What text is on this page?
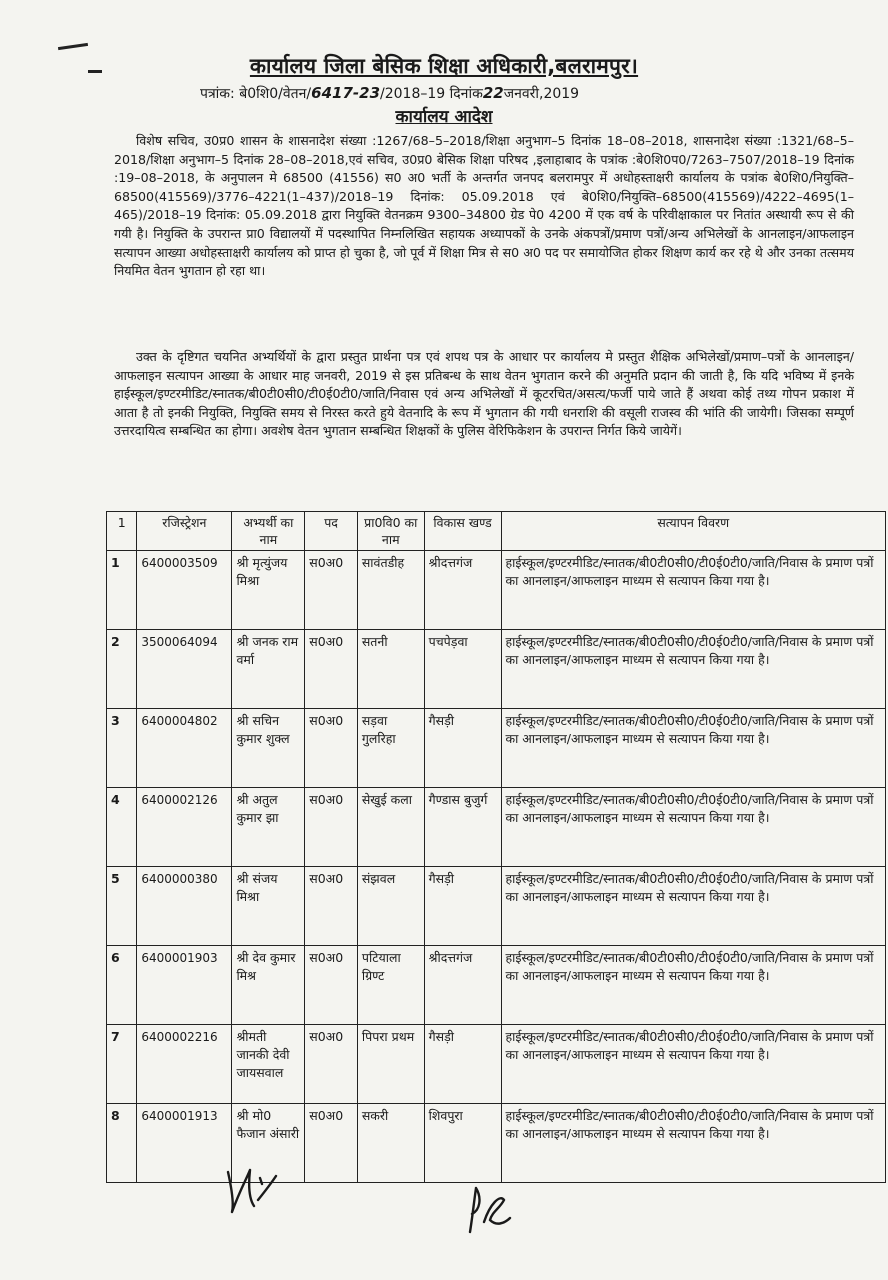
कार्यालय जिला बेसिक शिक्षा अधिकारी,बलरामपुर।
पत्रांक: बे0शि0/वेतन/6417-23/2018–19 दिनांक22जनवरी,2019
कार्यालय आदेश
विशेष सचिव, उ0प्र0 शासन के शासनादेश संख्या :1267/68–5–2018/शिक्षा अनुभाग–5 दिनांक 18–08–2018, शासनादेश संख्या :1321/68–5–2018/शिक्षा अनुभाग–5 दिनांक 28–08–2018,एवं सचिव, उ0प्र0 बेसिक शिक्षा परिषद ,इलाहाबाद के पत्रांक :बे0शि0प0/7263–7507/2018–19 दिनांक :19–08–2018, के अनुपालन मे 68500 (41556) स0 अ0 भर्ती के अन्तर्गत जनपद बलरामपुर में अधोहस्ताक्षरी कार्यालय के पत्रांक बे0शि0/नियुक्ति–68500(415569)/3776–4221(1–437)/2018–19 दिनांक: 05.09.2018 एवं बे0शि0/नियुक्ति–68500(415569)/4222–4695(1–465)/2018–19 दिनांक: 05.09.2018 द्वारा नियुक्ति वेतनक्रम 9300–34800 ग्रेड पे0 4200 में एक वर्ष के परिवीक्षाकाल पर नितांत अस्थायी रूप से की गयी है। नियुक्ति के उपरान्त प्रा0 विद्यालयों में पदस्थापित निम्नलिखित सहायक अध्यापकों के उनके अंकपत्रों/प्रमाण पत्रों/अन्य अभिलेखों के आनलाइन/आफलाइन सत्यापन आख्या अधोहस्ताक्षरी कार्यालय को प्राप्त हो चुका है, जो पूर्व में शिक्षा मित्र से स0 अ0 पद पर समायोजित होकर शिक्षण कार्य कर रहे थे और उनका तत्समय नियमित वेतन भुगतान हो रहा था।
उक्त के दृष्टिगत चयनित अभ्यर्थियों के द्वारा प्रस्तुत प्रार्थना पत्र एवं शपथ पत्र के आधार पर कार्यालय मे प्रस्तुत शैक्षिक अभिलेखों/प्रमाण–पत्रों के आनलाइन/आफलाइन सत्यापन आख्या के आधार माह जनवरी, 2019 से इस प्रतिबन्ध के साथ वेतन भुगतान करने की अनुमति प्रदान की जाती है, कि यदि भविष्य में इनके हाईस्कूल/इण्टरमीडिट/स्नातक/बी0टी0सी0/टी0ई0टी0/जाति/निवास एवं अन्य अभिलेखों में कूटरचित/असत्य/फर्जी पाये जाते हैं अथवा कोई तथ्य गोपन प्रकाश में आता है तो इनकी नियुक्ति, नियुक्ति समय से निरस्त करते हुये वेतनादि के रूप में भुगतान की गयी धनराशि की वसूली राजस्व की भांति की जायेगी। जिसका सम्पूर्ण उत्तरदायित्व सम्बन्धित का होगा। अवशेष वेतन भुगतान सम्बन्धित शिक्षकों के पुलिस वेरिफिकेशन के उपरान्त निर्गत किये जायेगें।
1	रजिस्ट्रेशन	अभ्यर्थी का नाम	पद	प्रा0वि0 का नाम	विकास खण्ड	सत्यापन विवरण
1	6400003509	श्री मृत्युंजय मिश्रा	स0अ0	सावंतडीह	श्रीदत्तगंज	हाईस्कूल/इण्टरमीडिट/स्नातक/बी0टी0सी0/टी0ई0टी0/जाति/निवास के प्रमाण पत्रों का आनलाइन/आफलाइन माध्यम से सत्यापन किया गया है।
2	3500064094	श्री जनक राम वर्मा	स0अ0	सतनी	पचपेड़वा	हाईस्कूल/इण्टरमीडिट/स्नातक/बी0टी0सी0/टी0ई0टी0/जाति/निवास के प्रमाण पत्रों का आनलाइन/आफलाइन माध्यम से सत्यापन किया गया है।
3	6400004802	श्री सचिन कुमार शुक्ल	स0अ0	सड़वा गुलरिहा	गैसड़ी	हाईस्कूल/इण्टरमीडिट/स्नातक/बी0टी0सी0/टी0ई0टी0/जाति/निवास के प्रमाण पत्रों का आनलाइन/आफलाइन माध्यम से सत्यापन किया गया है।
4	6400002126	श्री अतुल कुमार झा	स0अ0	सेखुई कला	गैण्डास बुजुर्ग	हाईस्कूल/इण्टरमीडिट/स्नातक/बी0टी0सी0/टी0ई0टी0/जाति/निवास के प्रमाण पत्रों का आनलाइन/आफलाइन माध्यम से सत्यापन किया गया है।
5	6400000380	श्री संजय मिश्रा	स0अ0	संझवल	गैसड़ी	हाईस्कूल/इण्टरमीडिट/स्नातक/बी0टी0सी0/टी0ई0टी0/जाति/निवास के प्रमाण पत्रों का आनलाइन/आफलाइन माध्यम से सत्यापन किया गया है।
6	6400001903	श्री देव कुमार मिश्र	स0अ0	पटियाला ग्रिण्ट	श्रीदत्तगंज	हाईस्कूल/इण्टरमीडिट/स्नातक/बी0टी0सी0/टी0ई0टी0/जाति/निवास के प्रमाण पत्रों का आनलाइन/आफलाइन माध्यम से सत्यापन किया गया है।
7	6400002216	श्रीमती जानकी देवी जायसवाल	स0अ0	पिपरा प्रथम	गैसड़ी	हाईस्कूल/इण्टरमीडिट/स्नातक/बी0टी0सी0/टी0ई0टी0/जाति/निवास के प्रमाण पत्रों का आनलाइन/आफलाइन माध्यम से सत्यापन किया गया है।
8	6400001913	श्री मो0 फैजान अंसारी	स0अ0	सकरी	शिवपुरा	हाईस्कूल/इण्टरमीडिट/स्नातक/बी0टी0सी0/टी0ई0टी0/जाति/निवास के प्रमाण पत्रों का आनलाइन/आफलाइन माध्यम से सत्यापन किया गया है।
